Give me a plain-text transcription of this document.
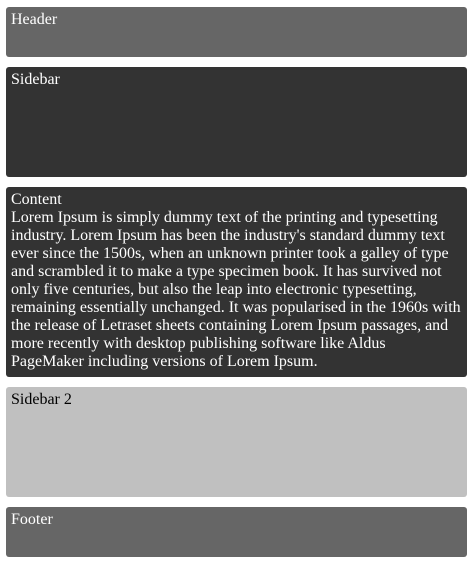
Header
Sidebar
Content
Lorem Ipsum is simply dummy text of the printing and typesetting industry. Lorem Ipsum has been the industry's standard dummy text ever since the 1500s, when an unknown printer took a galley of type and scrambled it to make a type specimen book. It has survived not only five centuries, but also the leap into electronic typesetting, remaining essentially unchanged. It was popularised in the 1960s with the release of Letraset sheets containing Lorem Ipsum passages, and more recently with desktop publishing software like Aldus PageMaker including versions of Lorem Ipsum.
Sidebar 2
Footer
